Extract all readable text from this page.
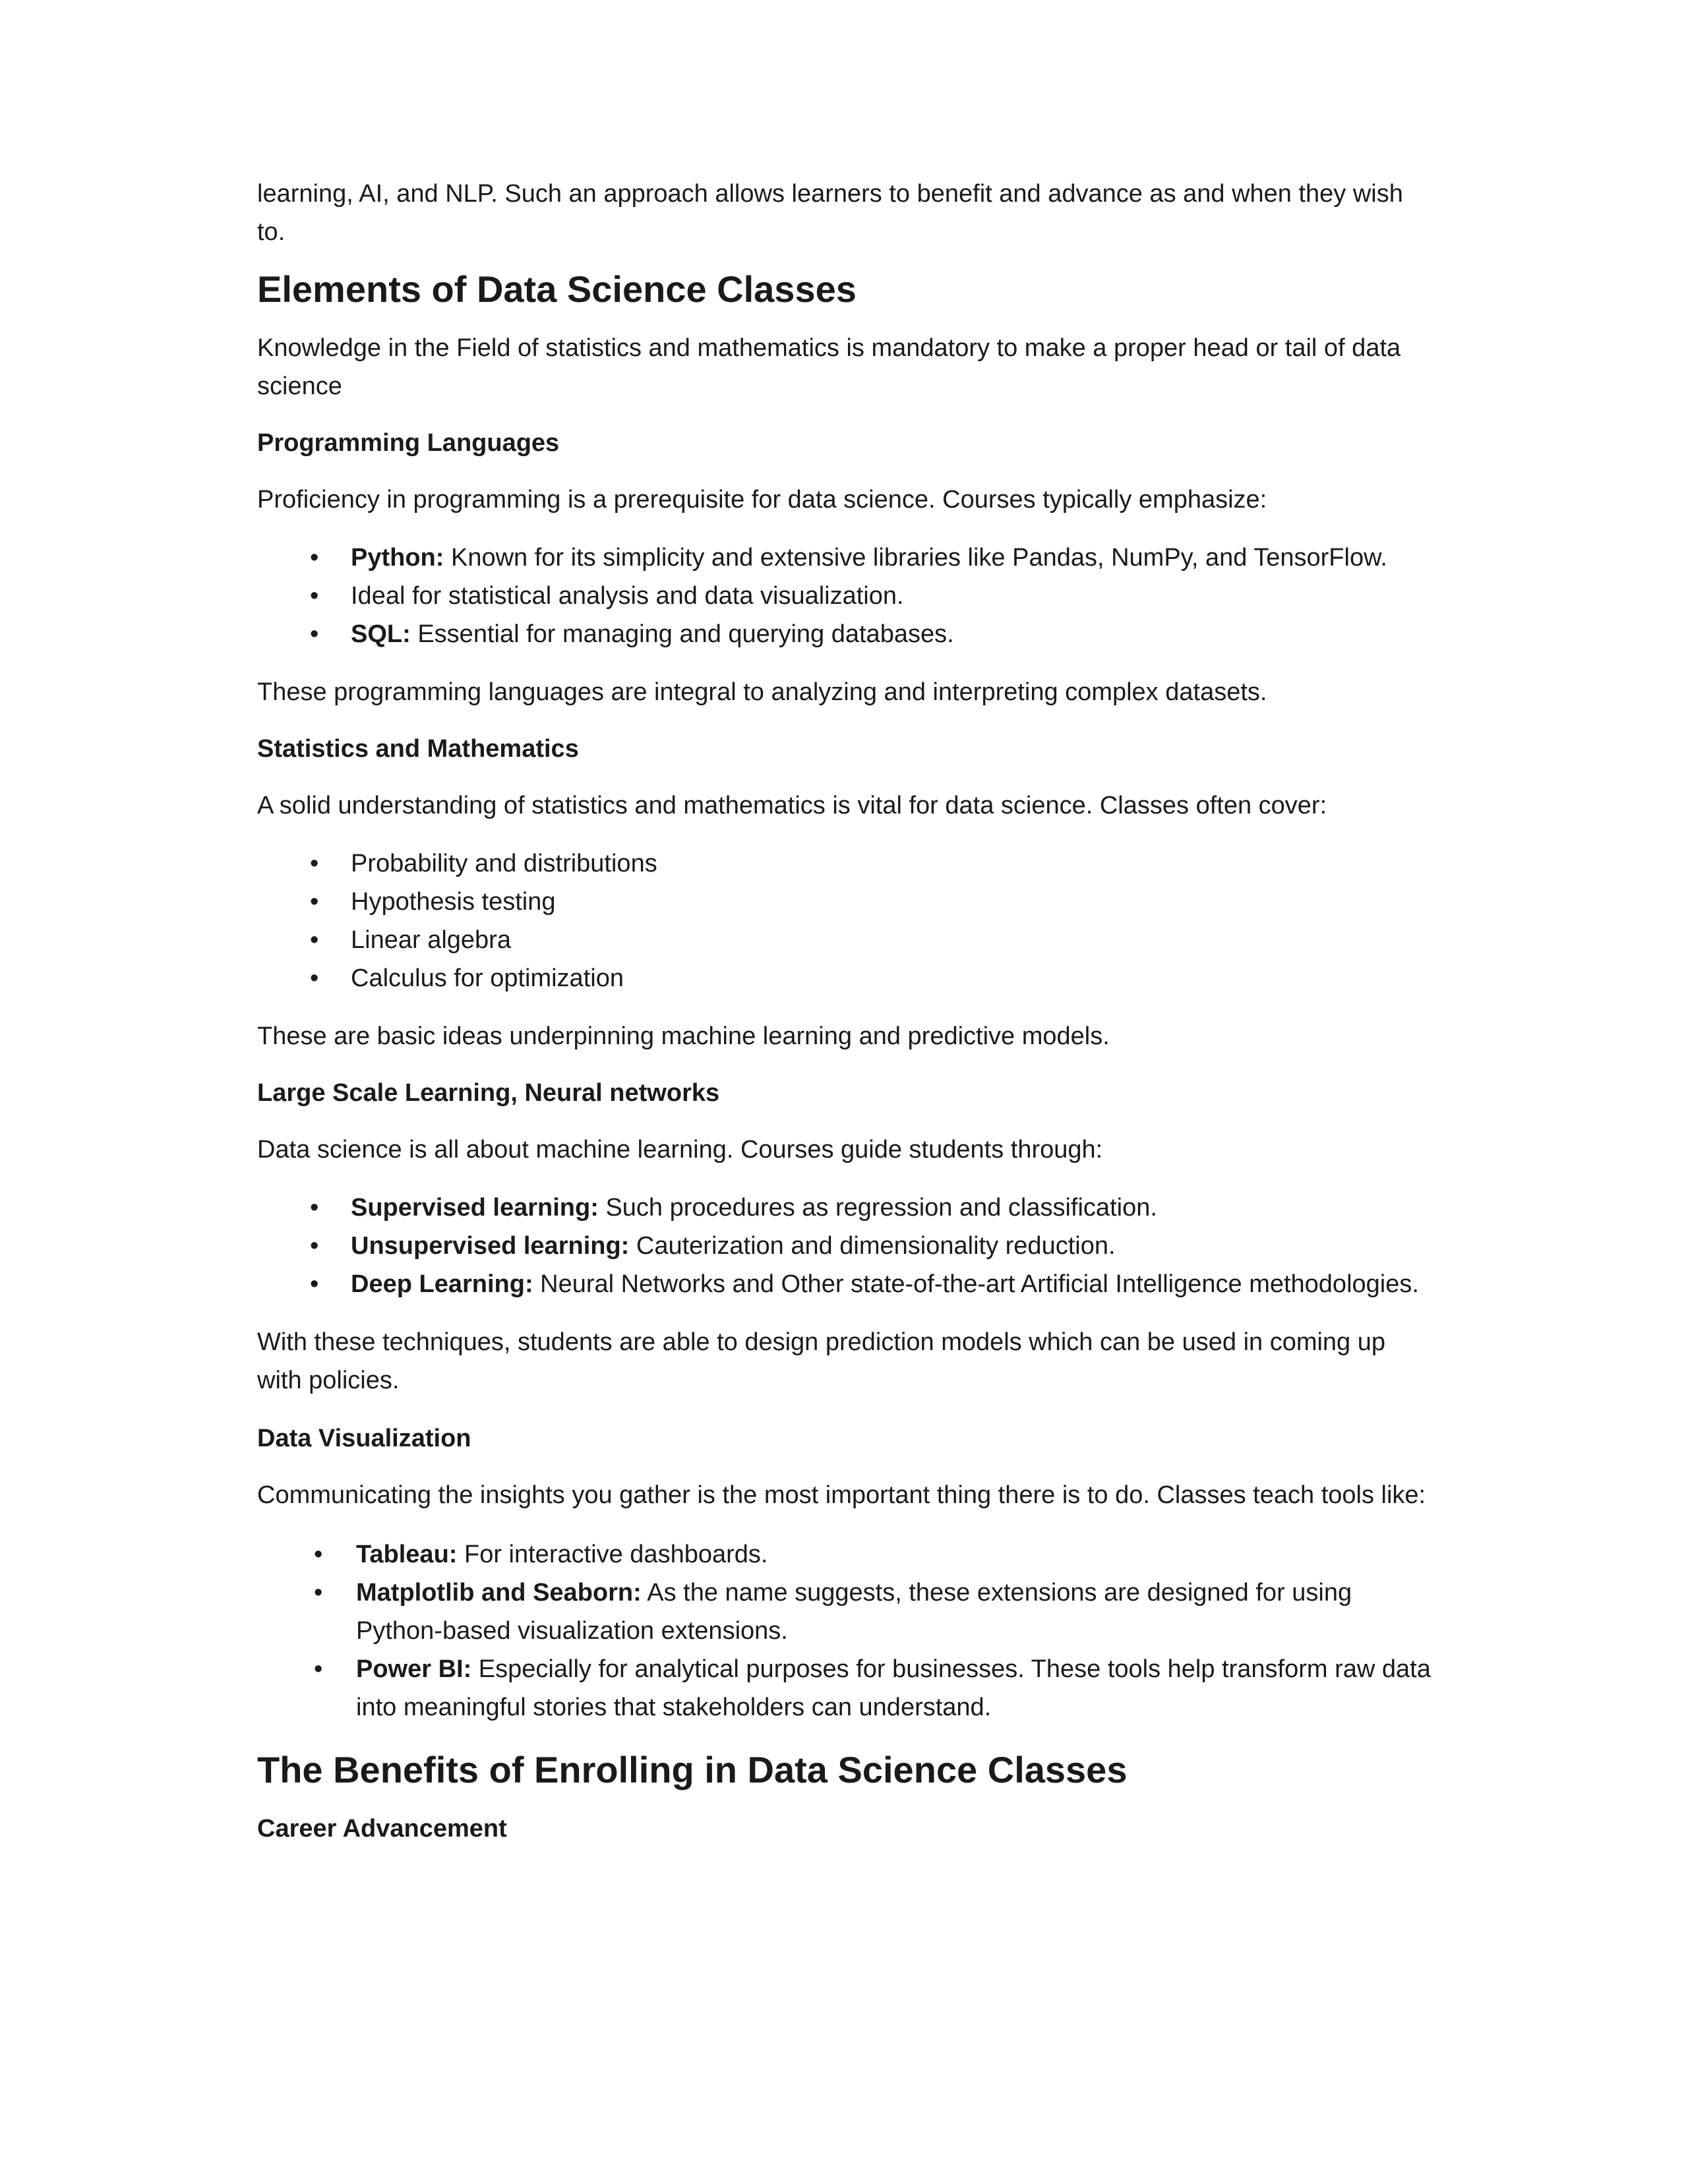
learning, AI, and NLP. Such an approach allows learners to benefit and advance as and when they wish to.

Elements of Data Science Classes

Knowledge in the Field of statistics and mathematics is mandatory to make a proper head or tail of data science

Programming Languages

Proficiency in programming is a prerequisite for data science. Courses typically emphasize:

• Python: Known for its simplicity and extensive libraries like Pandas, NumPy, and TensorFlow.
• Ideal for statistical analysis and data visualization.
• SQL: Essential for managing and querying databases.

These programming languages are integral to analyzing and interpreting complex datasets.

Statistics and Mathematics

A solid understanding of statistics and mathematics is vital for data science. Classes often cover:

• Probability and distributions
• Hypothesis testing
• Linear algebra
• Calculus for optimization

These are basic ideas underpinning machine learning and predictive models.

Large Scale Learning, Neural networks

Data science is all about machine learning. Courses guide students through:

• Supervised learning: Such procedures as regression and classification.
• Unsupervised learning: Cauterization and dimensionality reduction.
• Deep Learning: Neural Networks and Other state-of-the-art Artificial Intelligence methodologies.

With these techniques, students are able to design prediction models which can be used in coming up with policies.

Data Visualization

Communicating the insights you gather is the most important thing there is to do. Classes teach tools like:

• Tableau: For interactive dashboards.
• Matplotlib and Seaborn: As the name suggests, these extensions are designed for using Python-based visualization extensions.
• Power BI: Especially for analytical purposes for businesses. These tools help transform raw data into meaningful stories that stakeholders can understand.
The Benefits of Enrolling in Data Science Classes
Career Advancement
